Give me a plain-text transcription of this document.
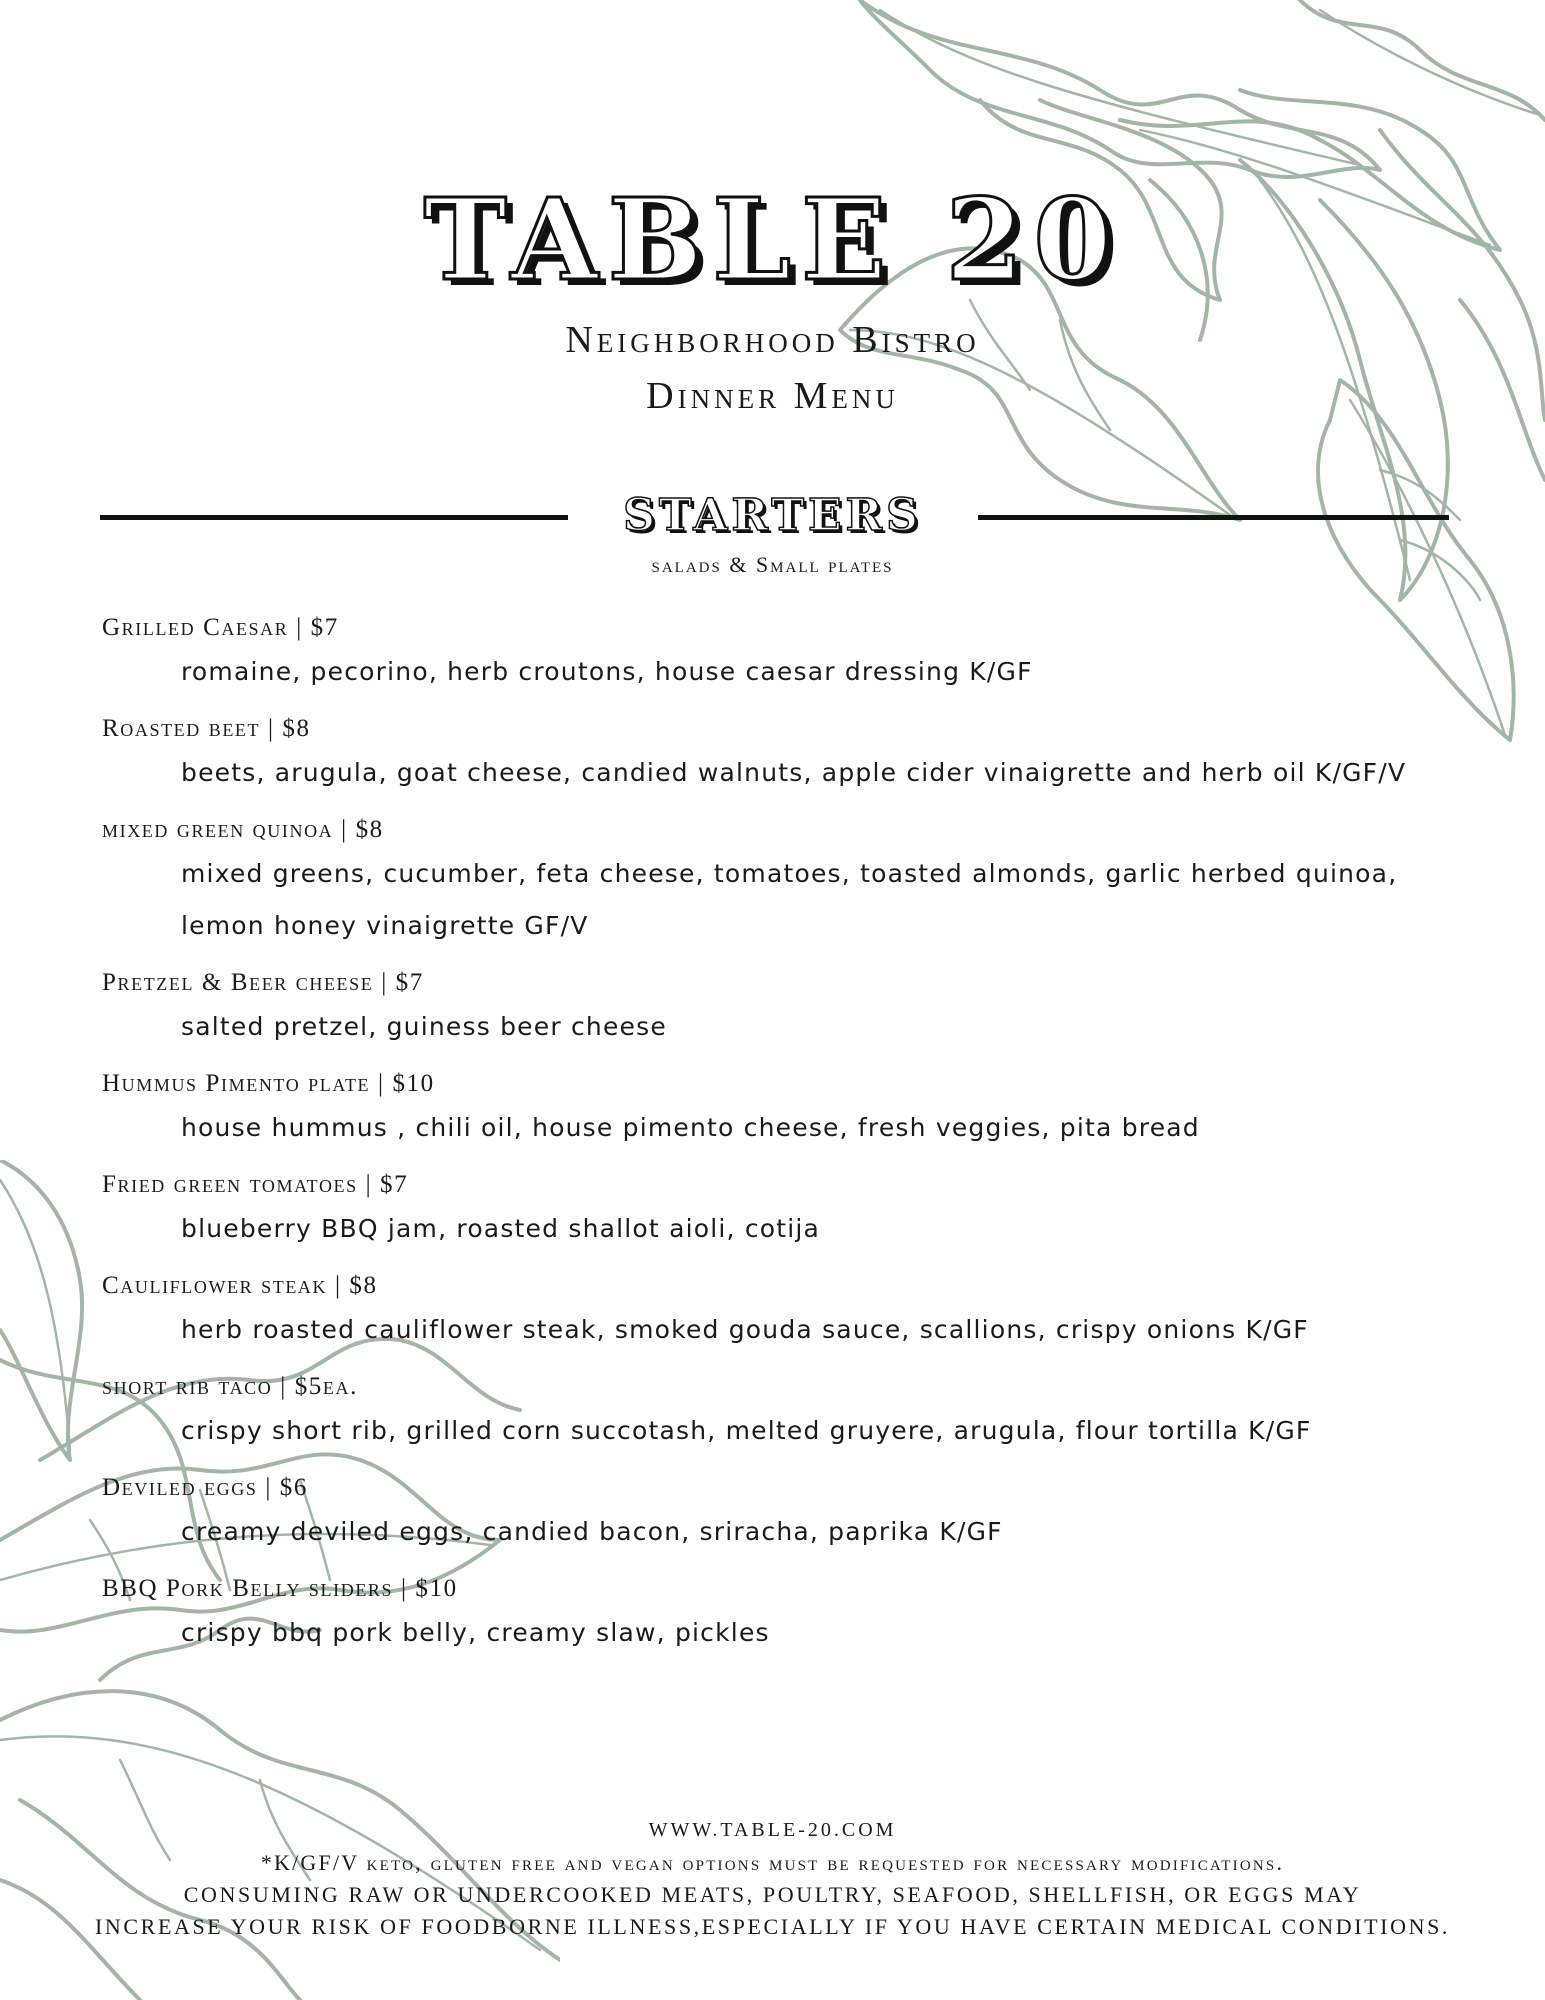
TABLE 20
Neighborhood Bistro
Dinner Menu
STARTERS
salads & Small plates
Grilled Caesar | $7
romaine, pecorino, herb croutons, house caesar dressing K/GF
Roasted beet | $8
beets, arugula, goat cheese, candied walnuts, apple cider vinaigrette and herb oil K/GF/V
mixed green quinoa | $8
mixed greens, cucumber, feta cheese, tomatoes, toasted almonds, garlic herbed quinoa,
lemon honey vinaigrette GF/V
Pretzel & Beer cheese | $7
salted pretzel, guiness beer cheese
Hummus Pimento plate | $10
house hummus , chili oil, house pimento cheese, fresh veggies, pita bread
Fried green tomatoes | $7
blueberry BBQ jam, roasted shallot aioli, cotija
Cauliflower steak | $8
herb roasted cauliflower steak, smoked gouda sauce, scallions, crispy onions K/GF
short rib taco | $5ea.
crispy short rib, grilled corn succotash, melted gruyere, arugula, flour tortilla K/GF
Deviled eggs | $6
creamy deviled eggs, candied bacon, sriracha, paprika K/GF
BBQ Pork Belly sliders | $10
crispy bbq pork belly, creamy slaw, pickles
WWW.TABLE-20.COM
*K/GF/V keto, gluten free and vegan options must be requested for necessary modifications.
CONSUMING RAW OR UNDERCOOKED MEATS, POULTRY, SEAFOOD, SHELLFISH, OR EGGS MAY
INCREASE YOUR RISK OF FOODBORNE ILLNESS,ESPECIALLY IF YOU HAVE CERTAIN MEDICAL CONDITIONS.
